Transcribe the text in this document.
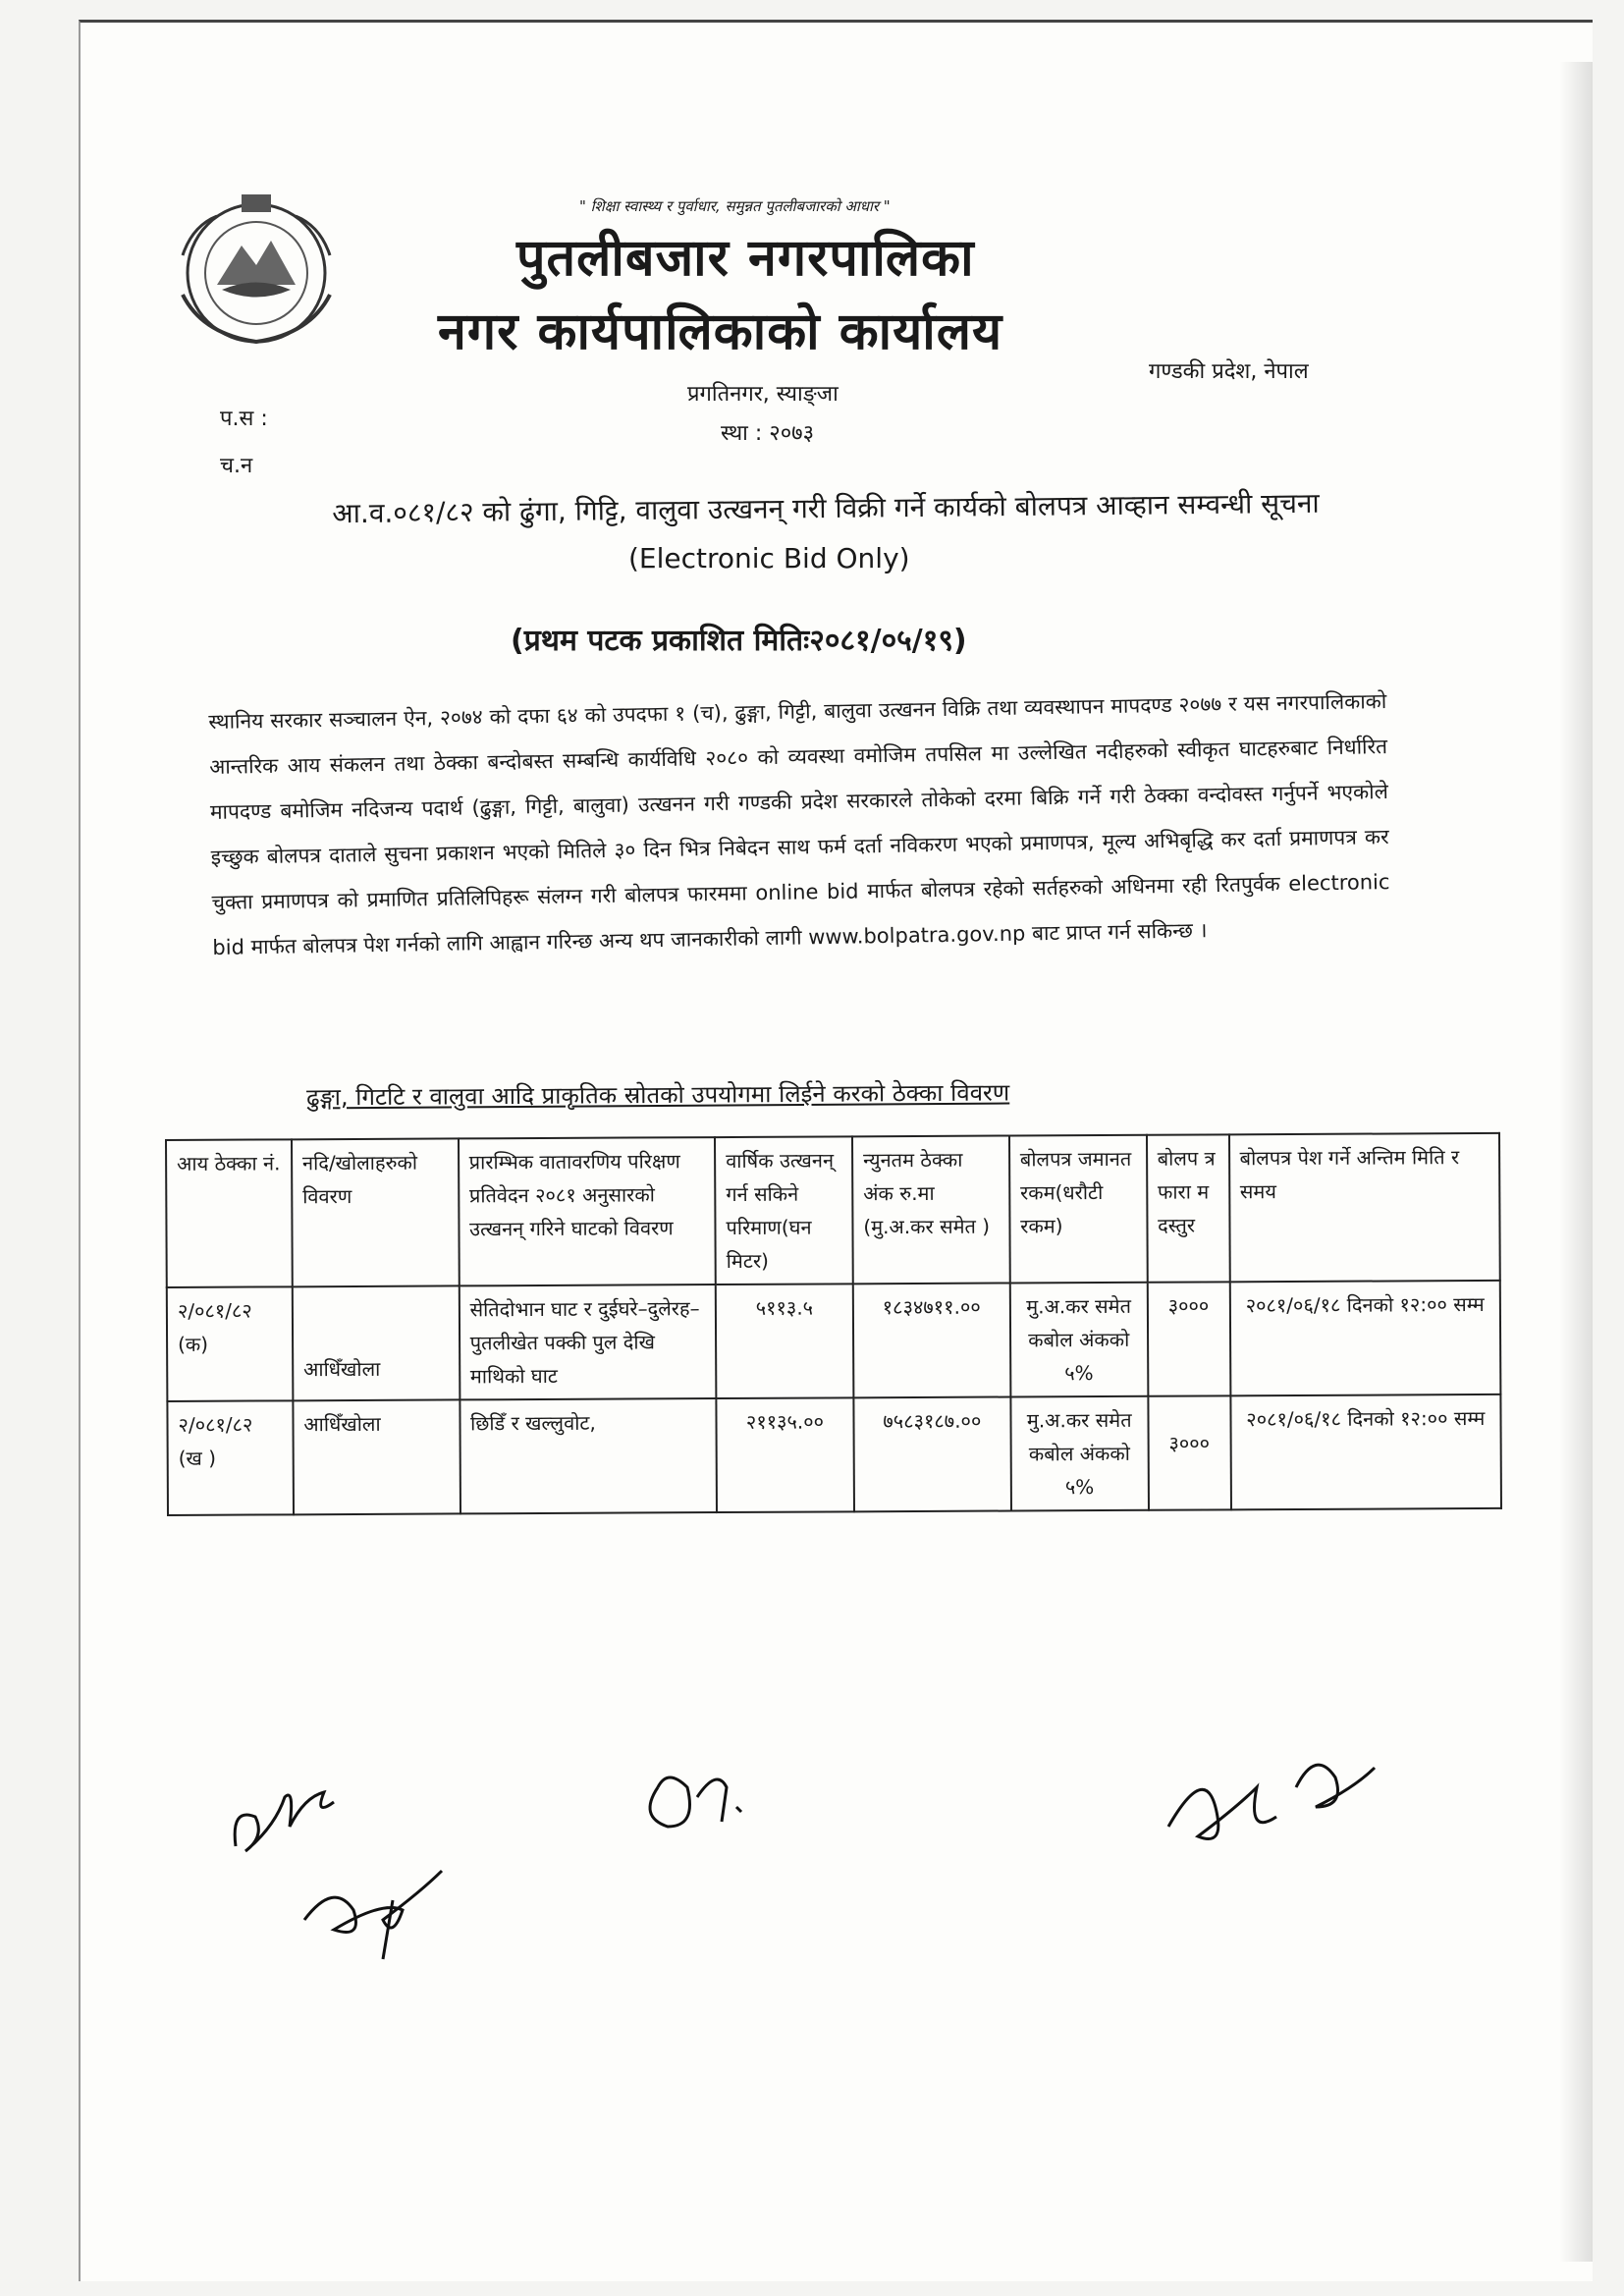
" शिक्षा स्वास्थ्य र पुर्वाधार, समुन्नत पुतलीबजारको आधार "
पुतलीबजार नगरपालिका
नगर कार्यपालिकाको कार्यालय
गण्डकी प्रदेश, नेपाल
प्रगतिनगर, स्याङ्जा
स्था : २०७३
प.स :
च.न
आ.व.०८१/८२ को ढुंगा, गिट्टि, वालुवा उत्खनन् गरी विक्री गर्ने कार्यको बोलपत्र आव्हान सम्वन्धी सूचना
(Electronic Bid Only)
(प्रथम पटक प्रकाशित मितिः२०८१/०५/१९)
स्थानिय सरकार सञ्चालन ऐन, २०७४ को दफा ६४ को उपदफा १ (च), ढुङ्गा, गिट्टी, बालुवा उत्खनन विक्रि तथा व्यवस्थापन मापदण्ड २०७७ र यस नगरपालिकाको आन्तरिक आय संकलन तथा ठेक्का बन्दोबस्त सम्बन्धि कार्यविधि २०८० को व्यवस्था वमोजिम तपसिल मा उल्लेखित नदीहरुको स्वीकृत घाटहरुबाट निर्धारित मापदण्ड बमोजिम नदिजन्य पदार्थ (ढुङ्गा, गिट्टी, बालुवा) उत्खनन गरी गण्डकी प्रदेश सरकारले तोकेको दरमा बिक्रि गर्ने गरी ठेक्का वन्दोवस्त गर्नुपर्ने भएकोले इच्छुक बोलपत्र दाताले सुचना प्रकाशन भएको मितिले ३० दिन भित्र निबेदन साथ फर्म दर्ता नविकरण भएको प्रमाणपत्र, मूल्य अभिबृद्धि कर दर्ता प्रमाणपत्र कर चुक्ता प्रमाणपत्र को प्रमाणित प्रतिलिपिहरू संलग्न गरी बोलपत्र फारममा online bid मार्फत बोलपत्र रहेको सर्तहरुको अधिनमा रही रितपुर्वक electronic bid मार्फत बोलपत्र पेश गर्नको लागि आह्वान गरिन्छ अन्य थप जानकारीको लागी www.bolpatra.gov.np बाट प्राप्त गर्न सकिन्छ ।
ढुङ्गा, गिटटि र वालुवा आदि प्राकृतिक स्रोतको उपयोगमा लिईने करको ठेक्का विवरण
आय ठेक्का नं.	नदि/खोलाहरुको विवरण	प्रारम्भिक वातावरणिय परिक्षण प्रतिवेदन २०८१ अनुसारको उत्खनन् गरिने घाटको विवरण	वार्षिक उत्खनन् गर्न सकिने परिमाण(घन मिटर)	न्युनतम ठेक्का अंक रु.मा (मु.अ.कर समेत )	बोलपत्र जमानत रकम(धरौटी रकम)	बोलप त्र फारा म दस्तुर	बोलपत्र पेश गर्ने अन्तिम मिति र समय
२/०८१/८२ (क)	आधिँखोला	सेतिदोभान घाट र दुईघरे–दुलेरह–पुतलीखेत पक्की पुल देखि माथिको घाट	५११३.५	१८३४७११.००	मु.अ.कर समेत कबोल अंकको ५%	३०००	२०८१/०६/१८ दिनको १२:०० सम्म
२/०८१/८२ (ख )	आधिँखोला	छिडिँ र खल्लुवोट,	२११३५.००	७५८३१८७.००	मु.अ.कर समेत कबोल अंकको ५%	३०००	२०८१/०६/१८ दिनको १२:०० सम्म
